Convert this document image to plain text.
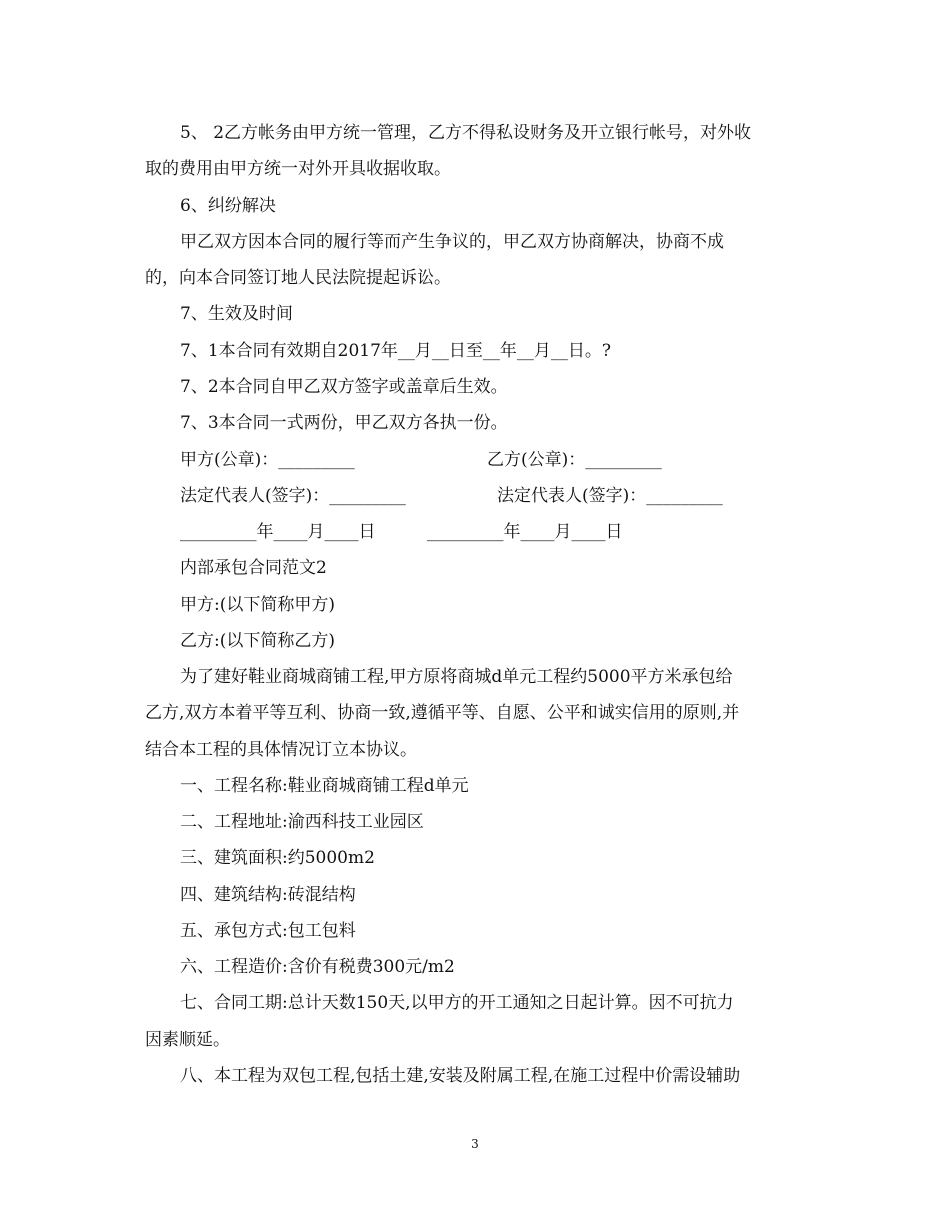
5、 2乙方帐务由甲方统一管理，乙方不得私设财务及开立银行帐号，对外收
取的费用由甲方统一对外开具收据收取。
6、纠纷解决
甲乙双方因本合同的履行等而产生争议的，甲乙双方协商解决，协商不成
的，向本合同签订地人民法院提起诉讼。
7、生效及时间
7、1本合同有效期自2017年__月__日至__年__月__日。?
7、2本合同自甲乙双方签字或盖章后生效。
7、3本合同一式两份，甲乙双方各执一份。
甲方(公章)：_________	乙方(公章)：_________
法定代表人(签字)：_________	法定代表人(签字)：_________
_________年____月____日	_________年____月____日
内部承包合同范文2
甲方:(以下简称甲方)
乙方:(以下简称乙方)
为了建好鞋业商城商铺工程,甲方原将商城d单元工程约5000平方米承包给
乙方,双方本着平等互利、协商一致,遵循平等、自愿、公平和诚实信用的原则,并
结合本工程的具体情况订立本协议。
一、工程名称:鞋业商城商铺工程d单元
二、工程地址:渝西科技工业园区
三、建筑面积:约5000m2
四、建筑结构:砖混结构
五、承包方式:包工包料
六、工程造价:含价有税费300元/m2
七、合同工期:总计天数150天,以甲方的开工通知之日起计算。因不可抗力
因素顺延。
八、本工程为双包工程,包括土建,安装及附属工程,在施工过程中价需设辅助
3
